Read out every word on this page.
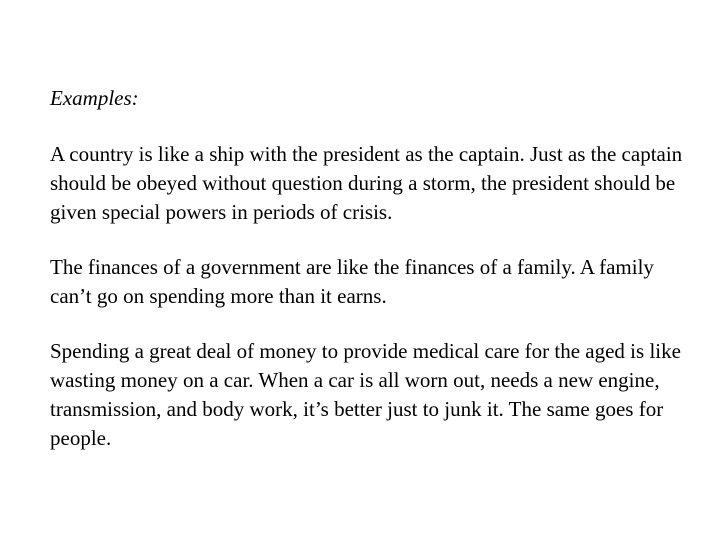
Examples:

A country is like a ship with the president as the captain. Just as the captain should be obeyed without question during a storm, the president should be given special powers in periods of crisis.

The finances of a government are like the finances of a family. A family can’t go on spending more than it earns.

Spending a great deal of money to provide medical care for the aged is like wasting money on a car. When a car is all worn out, needs a new engine, transmission, and body work, it’s better just to junk it. The same goes for people.
